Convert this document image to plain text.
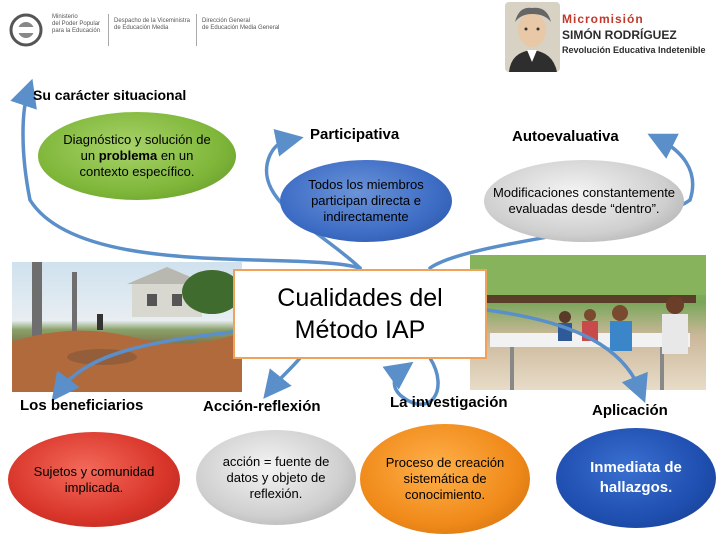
Ministerio
del Poder Popular
para la Educación
Despacho de la Viceministra
de Educación Media
Dirección General
de Educación Media General
Micromisión
SIMÓN RODRÍGUEZ
Revolución Educativa Indetenible
Su carácter situacional
Diagnóstico y solución de un problema en un contexto específico.
Participativa
Todos los miembros participan directa e indirectamente
Autoevaluativa
Modificaciones constantemente evaluadas desde “dentro”.
Cualidades del
Método IAP
Los beneficiarios	Acción-reflexión	La investigación	Aplicación
Sujetos y comunidad implicada.
acción = fuente de datos y objeto de reflexión.
Proceso de creación sistemática de conocimiento.
Inmediata de hallazgos.
